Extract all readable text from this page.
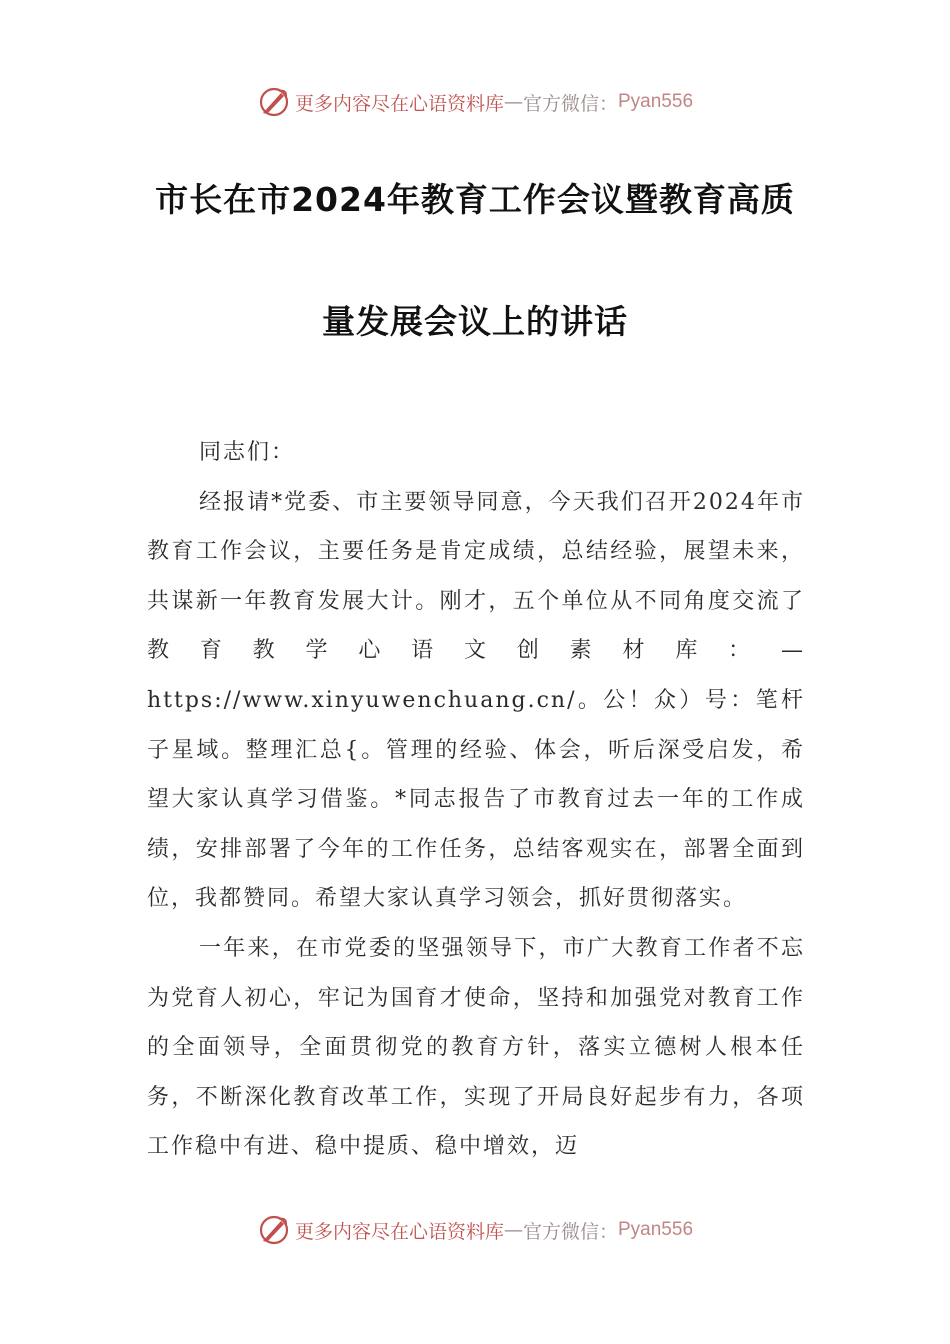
更多内容尽在心语资料库 — 官方微信： Pyan556
市长在市2024年教育工作会议暨教育高质
量发展会议上的讲话

同志们：

经报请*党委、市主要领导同意，今天我们召开2024年市教育工作会议，主要任务是肯定成绩，总结经验，展望未来，共谋新一年教育发展大计。刚才，五个单位从不同角度交流了教育教学心语文创素材库：—https://www.xinyuwenchuang.cn/。公！众）号：笔杆子星域。整理汇总{。管理的经验、体会，听后深受启发，希望大家认真学习借鉴。*同志报告了市教育过去一年的工作成绩，安排部署了今年的工作任务，总结客观实在，部署全面到位，我都赞同。希望大家认真学习领会，抓好贯彻落实。

一年来，在市党委的坚强领导下，市广大教育工作者不忘为党育人初心，牢记为国育才使命，坚持和加强党对教育工作的全面领导，全面贯彻党的教育方针，落实立德树人根本任务，不断深化教育改革工作，实现了开局良好起步有力，各项工作稳中有进、稳中提质、稳中增效，迈

更多内容尽在心语资料库 — 官方微信： Pyan556
